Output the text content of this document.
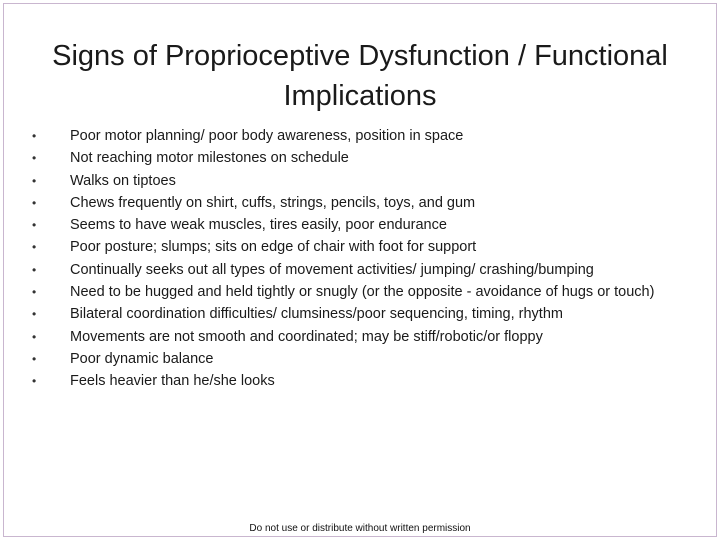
Signs of Proprioceptive Dysfunction / Functional
Implications
• Poor motor planning/ poor body awareness, position in space
• Not reaching motor milestones on schedule
• Walks on tiptoes
• Chews frequently on shirt, cuffs, strings, pencils, toys, and gum
• Seems to have weak muscles, tires easily, poor endurance
• Poor posture; slumps; sits on edge of chair with foot for support
• Continually seeks out all types of movement activities/ jumping/ crashing/bumping
• Need to be hugged and held tightly or snugly (or the opposite - avoidance of hugs or touch)
• Bilateral coordination difficulties/ clumsiness/poor sequencing, timing, rhythm
• Movements are not smooth and coordinated; may be stiff/robotic/or floppy
• Poor dynamic balance
• Feels heavier than he/she looks
Do not use or distribute without written permission
